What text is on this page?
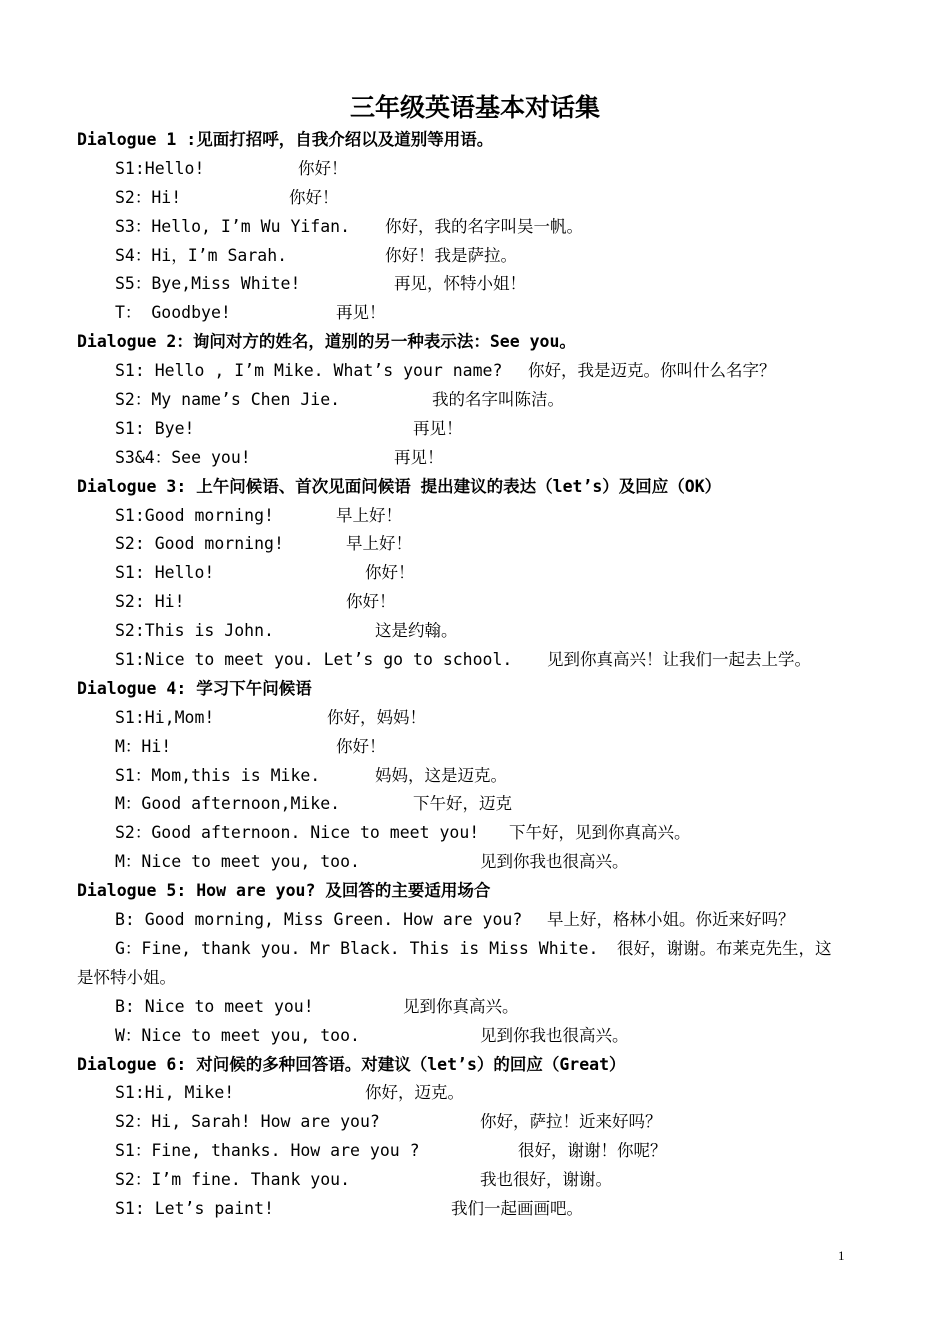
三年级英语基本对话集
Dialogue 1 :见面打招呼，自我介绍以及道别等用语。
S1:Hello!	你好！
S2：Hi!	你好！
S3：Hello, I’m Wu Yifan. 你好，我的名字叫吴一帆。
S4：Hi，I’m Sarah.	你好！我是萨拉。
S5：Bye,Miss White!	再见，怀特小姐！
T： Goodbye!	再见！
Dialogue 2：询问对方的姓名，道别的另一种表示法：See you。
S1: Hello , I’m Mike. What’s your name? 你好，我是迈克。你叫什么名字？
S2：My name’s Chen Jie.	我的名字叫陈洁。
S1: Bye!	再见！
S3&4：See you!	再见！
Dialogue 3: 上午问候语、首次见面问候语 提出建议的表达（let’s）及回应（OK）
S1:Good morning!	早上好！
S2: Good morning!	早上好！
S1: Hello!	你好！
S2: Hi!	你好！
S2:This is John.	这是约翰。
S1:Nice to meet you. Let’s go to school. 见到你真高兴！让我们一起去上学。
Dialogue 4: 学习下午问候语
S1:Hi,Mom!	你好，妈妈！
M：Hi!	你好！
S1：Mom,this is Mike.	妈妈，这是迈克。
M：Good afternoon,Mike.	下午好，迈克
S2：Good afternoon. Nice to meet you! 下午好，见到你真高兴。
M：Nice to meet you, too.	见到你我也很高兴。
Dialogue 5: How are you? 及回答的主要适用场合
B: Good morning, Miss Green. How are you? 早上好，格林小姐。你近来好吗？
G：Fine, thank you. Mr Black. This is Miss White. 很好，谢谢。布莱克先生，这
是怀特小姐。
B: Nice to meet you!	见到你真高兴。
W：Nice to meet you, too.	见到你我也很高兴。
Dialogue 6: 对问候的多种回答语。对建议（let’s）的回应（Great）
S1:Hi, Mike!	你好，迈克。
S2：Hi, Sarah! How are you?	你好，萨拉！近来好吗？
S1：Fine, thanks. How are you ?	很好，谢谢！你呢？
S2：I’m fine. Thank you.	我也很好，谢谢。
S1: Let’s paint!	我们一起画画吧。
1
